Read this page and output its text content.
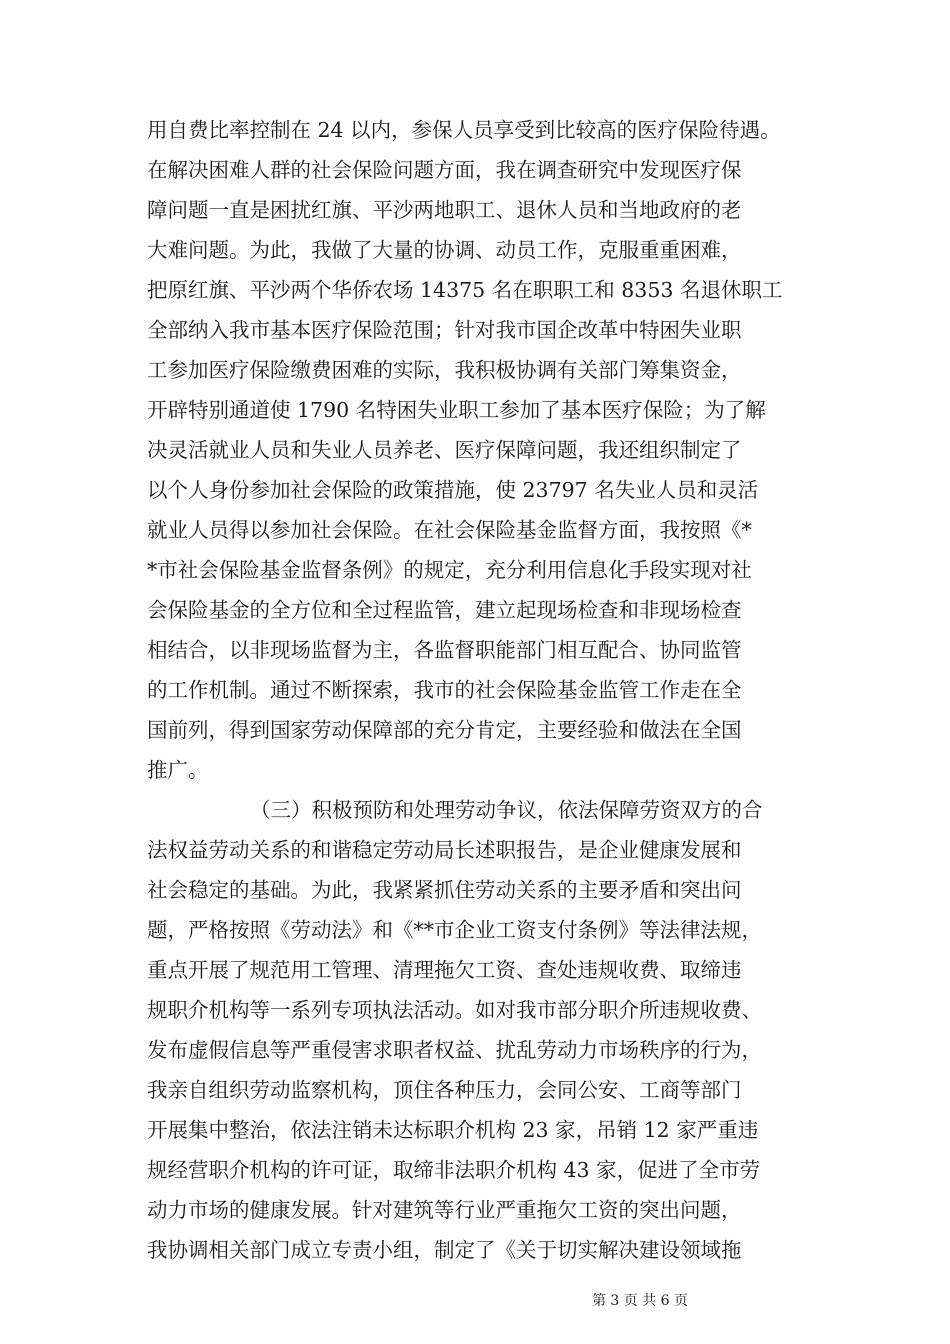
用自费比率控制在 24 以内，参保人员享受到比较高的医疗保险待遇。
在解决困难人群的社会保险问题方面，我在调查研究中发现医疗保
障问题一直是困扰红旗、平沙两地职工、退休人员和当地政府的老
大难问题。为此，我做了大量的协调、动员工作，克服重重困难，
把原红旗、平沙两个华侨农场 14375 名在职职工和 8353 名退休职工
全部纳入我市基本医疗保险范围；针对我市国企改革中特困失业职
工参加医疗保险缴费困难的实际，我积极协调有关部门筹集资金，
开辟特别通道使 1790 名特困失业职工参加了基本医疗保险；为了解
决灵活就业人员和失业人员养老、医疗保障问题，我还组织制定了
以个人身份参加社会保险的政策措施，使 23797 名失业人员和灵活
就业人员得以参加社会保险。在社会保险基金监督方面，我按照《*
*市社会保险基金监督条例》的规定，充分利用信息化手段实现对社
会保险基金的全方位和全过程监管，建立起现场检查和非现场检查
相结合，以非现场监督为主，各监督职能部门相互配合、协同监管
的工作机制。通过不断探索，我市的社会保险基金监管工作走在全
国前列，得到国家劳动保障部的充分肯定，主要经验和做法在全国
推广。
（三）积极预防和处理劳动争议，依法保障劳资双方的合
法权益劳动关系的和谐稳定劳动局长述职报告，是企业健康发展和
社会稳定的基础。为此，我紧紧抓住劳动关系的主要矛盾和突出问
题，严格按照《劳动法》和《**市企业工资支付条例》等法律法规，
重点开展了规范用工管理、清理拖欠工资、查处违规收费、取缔违
规职介机构等一系列专项执法活动。如对我市部分职介所违规收费、
发布虚假信息等严重侵害求职者权益、扰乱劳动力市场秩序的行为，
我亲自组织劳动监察机构，顶住各种压力，会同公安、工商等部门
开展集中整治，依法注销未达标职介机构 23 家，吊销 12 家严重违
规经营职介机构的许可证，取缔非法职介机构 43 家，促进了全市劳
动力市场的健康发展。针对建筑等行业严重拖欠工资的突出问题，
我协调相关部门成立专责小组，制定了《关于切实解决建设领域拖
第 3 页 共 6 页
